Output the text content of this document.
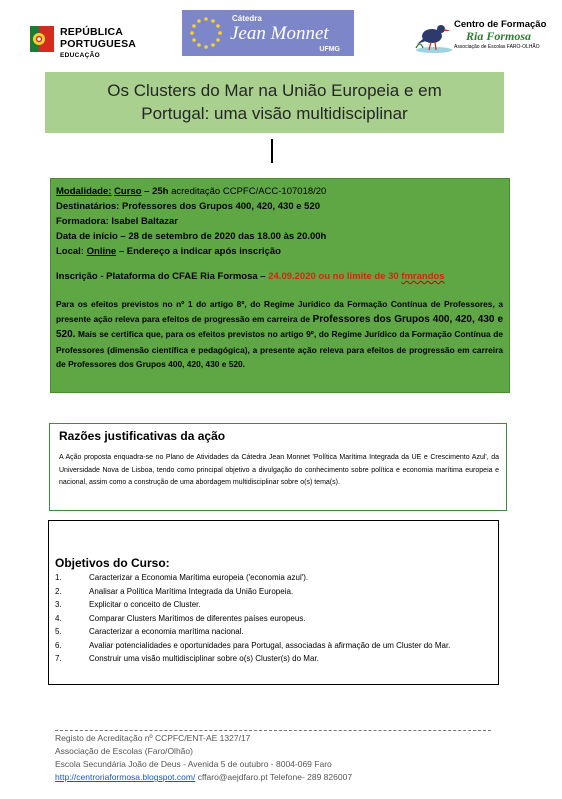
REPÚBLICA
PORTUGUESA
EDUCAÇÃO
Cátedra
Jean Monnet
UFMG
Centro de Formação
Ria Formosa
Associação de Escolas FARO-OLHÃO
Os Clusters do Mar na União Europeia e em
Portugal: uma visão multidisciplinar
Modalidade: Curso – 25h acreditação CCPFC/ACC-107018/20
Destinatários: Professores dos Grupos 400, 420, 430 e 520
Formadora: Isabel Baltazar
Data de início – 28 de setembro de 2020 das 18.00 às 20.00h
Local: Online – Endereço a indicar após inscrição
Inscrição - Plataforma do CFAE Ria Formosa – 24.09.2020 ou no limite de 30 fmrandos
Para os efeitos previstos no nº 1 do artigo 8º, do Regime Jurídico da Formação Contínua de Professores, a presente ação releva para efeitos de progressão em carreira de Professores dos Grupos 400, 420, 430 e 520. Mais se certifica que, para os efeitos previstos no artigo 9º, do Regime Jurídico da Formação Contínua de Professores (dimensão científica e pedagógica), a presente ação releva para efeitos de progressão em carreira de Professores dos Grupos 400, 420, 430 e 520.
Razões justificativas da ação
A Ação proposta enquadra-se no Plano de Atividades da Cátedra Jean Monnet 'Política Marítima Integrada da UE e Crescimento Azul', da Universidade Nova de Lisboa, tendo como principal objetivo a divulgação do conhecimento sobre política e economia marítima europeia e nacional, assim como a construção de uma abordagem multidisciplinar sobre o(s) tema(s).
Objetivos do Curso:
1.	Caracterizar a Economia Marítima europeia ('economia azul').
2.	Analisar a Política Marítima Integrada da União Europeia.
3.	Explicitar o conceito de Cluster.
4.	Comparar Clusters Marítimos de diferentes países europeus.
5.	Caracterizar a economia marítima nacional.
6.	Avaliar potencialidades e oportunidades para Portugal, associadas à afirmação de um Cluster do Mar.
7.	Construir uma visão multidisciplinar sobre o(s) Cluster(s) do Mar.
Registo de Acreditação nº CCPFC/ENT-AE 1327/17
Associação de Escolas (Faro/Olhão)
Escola Secundária João de Deus - Avenida 5 de outubro - 8004-069 Faro
http://centroriaformosa.blogspot.com/ cffaro@aejdfaro.pt Telefone- 289 826007
